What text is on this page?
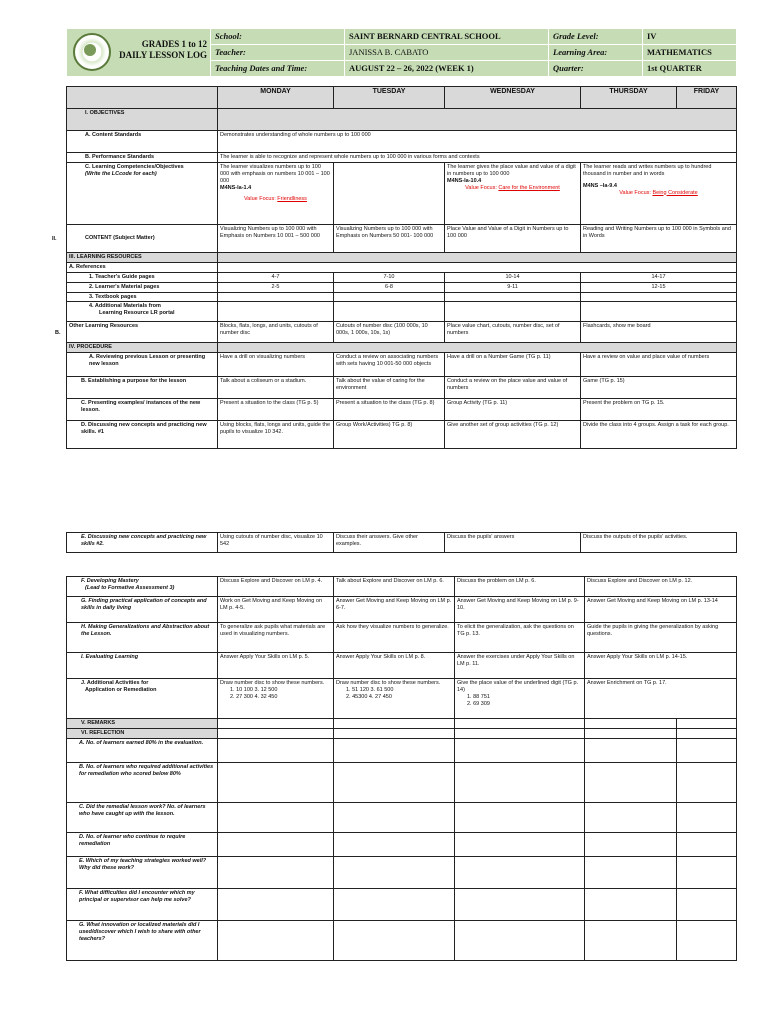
GRADES 1 to 12
DAILY LESSON LOG	School:	SAINT BERNARD CENTRAL SCHOOL	Grade Level:	IV
	Teacher:	JANISSA B. CABATO	Learning Area:	MATHEMATICS
	Teaching Dates and Time:	AUGUST 22 – 26, 2022 (WEEK 1)	Quarter:	1st QUARTER
II.
B.
	MONDAY	TUESDAY	WEDNESDAY	THURSDAY	FRIDAY
I. OBJECTIVES					
A. Content Standards	Demonstrates understanding of whole numbers up to 100 000				
B. Performance Standards	The learner is able to recognize and represent whole numbers up to 100 000 in various forms and contexts				

C. Learning Competencies/Objectives
(Write the LCcode for each)	The learner visualizes numbers up to 100 000 with emphasis on numbers 10 001 – 100 000
M4NS-Ia-1.4
Value Focus: Friendliness		The learner gives the place value and value of a digit in numbers up to 100 000
M4NS-Ia-10.4
Value Focus: Care for the Environment	The learner reads and writes numbers up to hundred thousand in number and in words
M4NS –Ia-9.4
Value Focus: Being Considerate	

CONTENT (Subject Matter)	Visualizing Numbers up to 100 000 with Emphasis on Numbers 10 001 – 500 000	Visualizing Numbers up to 100 000 with Emphasis on Numbers 50 001- 100 000	Place Value and Value of a Digit in Numbers up to 100 000	Reading and Writing Numbers up to 100 000 in Symbols and in Words	
III. LEARNING RESOURCES					
A. References					
1. Teacher's Guide pages	4-7	7-10	10-14	14-17	
2. Learner's Material pages	2-5	6-8	9-11	12-15	
3. Textbook pages					

4. Additional Materials from
Learning Resource LR portal					

Other Learning Resources	Blocks, flats, longs, and units, cutouts of number disc	Cutouts of number disc (100 000s, 10 000s, 1 000s, 10s, 1s)	Place value chart, cutouts, number disc, set of numbers	Flashcards, show me board	
IV. PROCEDURE					
A. Reviewing previous Lesson or presenting new lesson	Have a drill on visualizing numbers	Conduct a review on associating numbers with sets having 10 001-50 000 objects	Have a drill on a Number Game (TG p. 11)	Have a review on value and place value of numbers	
B. Establishing a purpose for the lesson	Talk about a coliseum or a stadium.	Talk about the value of caring for the environment	Conduct a review on the place value and value of numbers	Game (TG p. 15)	
C. Presenting examples/ instances of the new lesson.	Present a situation to the class (TG p. 5)	Present a situation to the class (TG p. 8)	Group Activity (TG p. 11)	Present the problem on TG p. 15.	
D. Discussing new concepts and practicing new skills. #1	Using blocks, flats, longs and units, guide the pupils to visualize 10 342.	Group Work/Activities) TG p. 8)	Give another set of group activities (TG p. 12)	Divide the class into 4 groups. Assign a task for each group.	
E. Discussing new concepts and practicing new skills #2.	Using cutouts of number disc, visualize 10 542	Discuss their answers. Give other examples.	Discuss the pupils' answers	Discuss the outputs of the pupils' activities.
F. Developing Mastery
(Lead to Formative Assessment 3)	Discuss Explore and Discover on LM p. 4.	Talk about Explore and Discover on LM p. 6.	Discuss the problem on LM p. 6.	Discuss Explore and Discover on LM p. 12.	
G. Finding practical application of concepts and skills in daily living	Work on Get Moving and Keep Moving on LM p. 4-5.	Answer Get Moving and Keep Moving on LM p. 6-7.	Answer Get Moving and Keep Moving on LM p. 9-10.	Answer Get Moving and Keep Moving on LM p. 13-14	
H. Making Generalizations and Abstraction about the Lesson.	To generalize ask pupils what materials are used in visualizing numbers.	Ask how they visualize numbers to generalize.	To elicit the generalization, ask the questions on TG p. 13.	Guide the pupils in giving the generalization by asking questions.	
I. Evaluating Learning	Answer Apply Your Skills on LM p. 5.	Answer Apply Your Skills on LM p. 8.	Answer the exercises under Apply Your Skills on LM p. 11.	Answer Apply Your Skills on LM p. 14-15.	

J. Additional Activities for
Application or Remediation	Draw number disc to show these numbers.
1. 10 100 3. 12 500
2. 27 300 4. 32 450	Draw number disc to show these numbers.
1. 51 120 3. 61 500
2. 45300 4. 27 450	Give the place value of the underlined digit (TG p. 14)
1. 88 751
2. 69 309	Answer Enrichment on TG p. 17.	
V. REMARKS					
VI. REFLECTION					
A. No. of learners earned 80% in the evaluation.					
B. No. of learners who required additional activities for remediation who scored below 80%					
C. Did the remedial lesson work? No. of learners who have caught up with the lesson.					
D. No. of learner who continue to require remediation					
E. Which of my teaching strategies worked well? Why did these work?					
F. What difficulties did I encounter which my principal or supervisor can help me solve?					
G. What innovation or localized materials did I used/discover which I wish to share with other teachers?					
